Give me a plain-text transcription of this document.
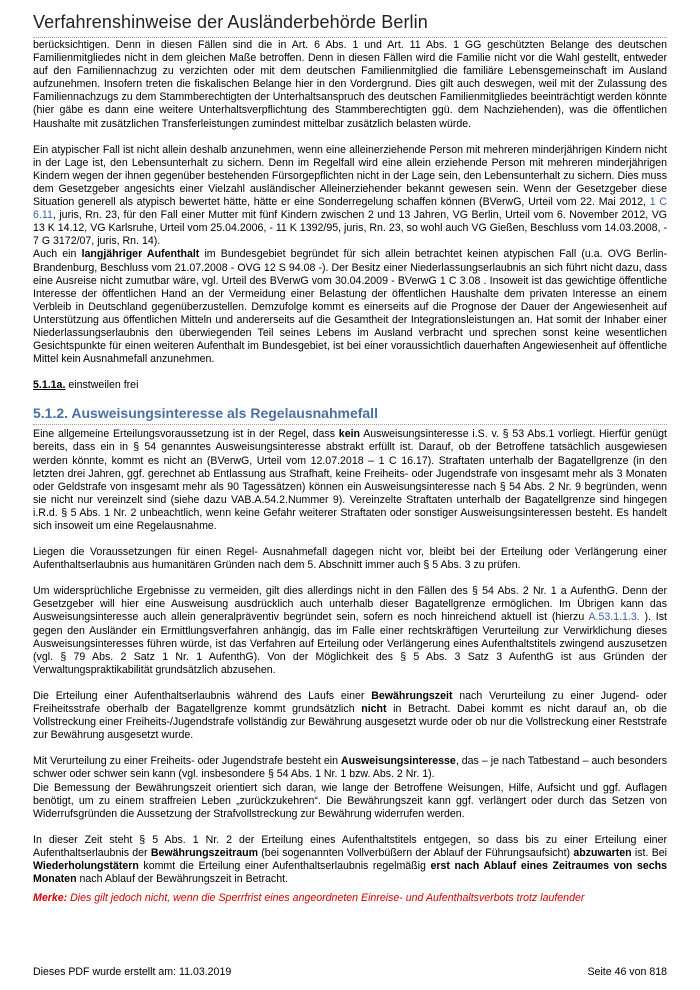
Verfahrenshinweise der Ausländerbehörde Berlin

berücksichtigen. Denn in diesen Fällen sind die in Art. 6 Abs. 1 und Art. 11 Abs. 1 GG geschützten Belange des deutschen Familienmitgliedes nicht in dem gleichen Maße betroffen. Denn in diesen Fällen wird die Familie nicht vor die Wahl gestellt, entweder auf den Familiennachzug zu verzichten oder mit dem deutschen Familienmitglied die familiäre Lebensgemeinschaft im Ausland aufzunehmen. Insofern treten die fiskalischen Belange hier in den Vordergrund. Dies gilt auch deswegen, weil mit der Zulassung des Familiennachzugs zu dem Stammberechtigten der Unterhaltsanspruch des deutschen Familienmitgliedes beeinträchtigt werden könnte (hier gäbe es dann eine weitere Unterhaltsverpflichtung des Stammberechtigten ggü. dem Nachziehenden), was die öffentlichen Haushalte mit zusätzlichen Transferleistungen zumindest mittelbar zusätzlich belasten würde.

Ein atypischer Fall ist nicht allein deshalb anzunehmen, wenn eine alleinerziehende Person mit mehreren minderjährigen Kindern nicht in der Lage ist, den Lebensunterhalt zu sichern. Denn im Regelfall wird eine allein erziehende Person mit mehreren minderjährigen Kindern wegen der ihnen gegenüber bestehenden Fürsorgepflichten nicht in der Lage sein, den Lebensunterhalt zu sichern. Dies muss dem Gesetzgeber angesichts einer Vielzahl ausländischer Alleinerziehender bekannt gewesen sein. Wenn der Gesetzgeber diese Situation generell als atypisch bewertet hätte, hätte er eine Sonderregelung schaffen können (BVerwG, Urteil vom 22. Mai 2012, 1 C 6.11, juris, Rn. 23, für den Fall einer Mutter mit fünf Kindern zwischen 2 und 13 Jahren, VG Berlin, Urteil vom 6. November 2012, VG 13 K 14.12, VG Karlsruhe, Urteil vom 25.04.2006, - 11 K 1392/95, juris, Rn. 23, so wohl auch VG Gießen, Beschluss vom 14.03.2008, - 7 G 3172/07, juris, Rn. 14).
Auch ein langjähriger Aufenthalt im Bundesgebiet begründet für sich allein betrachtet keinen atypischen Fall (u.a. OVG Berlin-Brandenburg, Beschluss vom 21.07.2008 - OVG 12 S 94.08 -). Der Besitz einer Niederlassungserlaubnis an sich führt nicht dazu, dass eine Ausreise nicht zumutbar wäre, vgl. Urteil des BVerwG vom 30.04.2009 - BVerwG 1 C 3.08 . Insoweit ist das gewichtige öffentliche Interesse der öffentlichen Hand an der Vermeidung einer Belastung der öffentlichen Haushalte dem privaten Interesse an einem Verbleib in Deutschland gegenüberzustellen. Demzufolge kommt es einerseits auf die Prognose der Dauer der Angewiesenheit auf Unterstützung aus öffentlichen Mitteln und andererseits auf die Gesamtheit der Integrationsleistungen an. Hat somit der Inhaber einer Niederlassungserlaubnis den überwiegenden Teil seines Lebens im Ausland verbracht und sprechen sonst keine wesentlichen Gesichtspunkte für einen weiteren Aufenthalt im Bundesgebiet, ist bei einer voraussichtlich dauerhaften Angewiesenheit auf öffentliche Mittel kein Ausnahmefall anzunehmen.

5.1.1a. einstweilen frei

5.1.2. Ausweisungsinteresse als Regelausnahmefall

Eine allgemeine Erteilungsvoraussetzung ist in der Regel, dass kein Ausweisungsinteresse i.S. v. § 53 Abs.1 vorliegt. Hierfür genügt bereits, dass ein in § 54 genanntes Ausweisungsinteresse abstrakt erfüllt ist. Darauf, ob der Betroffene tatsächlich ausgewiesen werden könnte, kommt es nicht an (BVerwG, Urteil vom 12.07.2018 – 1 C 16.17). Straftaten unterhalb der Bagatellgrenze (in den letzten drei Jahren, ggf. gerechnet ab Entlassung aus Strafhaft, keine Freiheits- oder Jugendstrafe von insgesamt mehr als 3 Monaten oder Geldstrafe von insgesamt mehr als 90 Tagessätzen) können ein Ausweisungsinteresse nach § 54 Abs. 2 Nr. 9 begründen, wenn sie nicht nur vereinzelt sind (siehe dazu VAB.A.54.2.Nummer 9). Vereinzelte Straftaten unterhalb der Bagatellgrenze sind hingegen i.R.d. § 5 Abs. 1 Nr. 2 unbeachtlich, wenn keine Gefahr weiterer Straftaten oder sonstiger Ausweisungsinteressen besteht. Es handelt sich insoweit um eine Regelausnahme.

Liegen die Voraussetzungen für einen Regel- Ausnahmefall dagegen nicht vor, bleibt bei der Erteilung oder Verlängerung einer Aufenthaltserlaubnis aus humanitären Gründen nach dem 5. Abschnitt immer auch § 5 Abs. 3 zu prüfen.

Um widersprüchliche Ergebnisse zu vermeiden, gilt dies allerdings nicht in den Fällen des § 54 Abs. 2 Nr. 1 a AufenthG. Denn der Gesetzgeber will hier eine Ausweisung ausdrücklich auch unterhalb dieser Bagatellgrenze ermöglichen. Im Übrigen kann das Ausweisungsinteresse auch allein generalpräventiv begründet sein, sofern es noch hinreichend aktuell ist (hierzu A.53.1.1.3. ). Ist gegen den Ausländer ein Ermittlungsverfahren anhängig, das im Falle einer rechtskräftigen Verurteilung zur Verwirklichung dieses Ausweisungsinteresses führen würde, ist das Verfahren auf Erteilung oder Verlängerung eines Aufenthaltstitels zwingend auszusetzen (vgl. § 79 Abs. 2 Satz 1 Nr. 1 AufenthG). Von der Möglichkeit des § 5 Abs. 3 Satz 3 AufenthG ist aus Gründen der Verwaltungspraktikabilität grundsätzlich abzusehen.

Die Erteilung einer Aufenthaltserlaubnis während des Laufs einer Bewährungszeit nach Verurteilung zu einer Jugend- oder Freiheitsstrafe oberhalb der Bagatellgrenze kommt grundsätzlich nicht in Betracht. Dabei kommt es nicht darauf an, ob die Vollstreckung einer Freiheits-/Jugendstrafe vollständig zur Bewährung ausgesetzt wurde oder ob nur die Vollstreckung einer Reststrafe zur Bewährung ausgesetzt wurde.

Mit Verurteilung zu einer Freiheits- oder Jugendstrafe besteht ein Ausweisungsinteresse, das – je nach Tatbestand – auch besonders schwer oder schwer sein kann (vgl. insbesondere § 54 Abs. 1 Nr. 1 bzw. Abs. 2 Nr. 1).
Die Bemessung der Bewährungszeit orientiert sich daran, wie lange der Betroffene Weisungen, Hilfe, Aufsicht und ggf. Auflagen benötigt, um zu einem straffreien Leben „zurückzukehren“. Die Bewährungszeit kann ggf. verlängert oder durch das Setzen von Widerrufsgründen die Aussetzung der Strafvollstreckung zur Bewährung widerrufen werden.

In dieser Zeit steht § 5 Abs. 1 Nr. 2 der Erteilung eines Aufenthaltstitels entgegen, so dass bis zu einer Erteilung einer Aufenthaltserlaubnis der Bewährungszeitraum (bei sogenannten Vollverbüßern der Ablauf der Führungsaufsicht) abzuwarten ist. Bei Wiederholungstätern kommt die Erteilung einer Aufenthaltserlaubnis regelmäßig erst nach Ablauf eines Zeitraumes von sechs Monaten nach Ablauf der Bewährungszeit in Betracht.

Merke: Dies gilt jedoch nicht, wenn die Sperrfrist eines angeordneten Einreise- und Aufenthaltsverbots trotz laufender

Dieses PDF wurde erstellt am: 11.03.2019	Seite 46 von 818
